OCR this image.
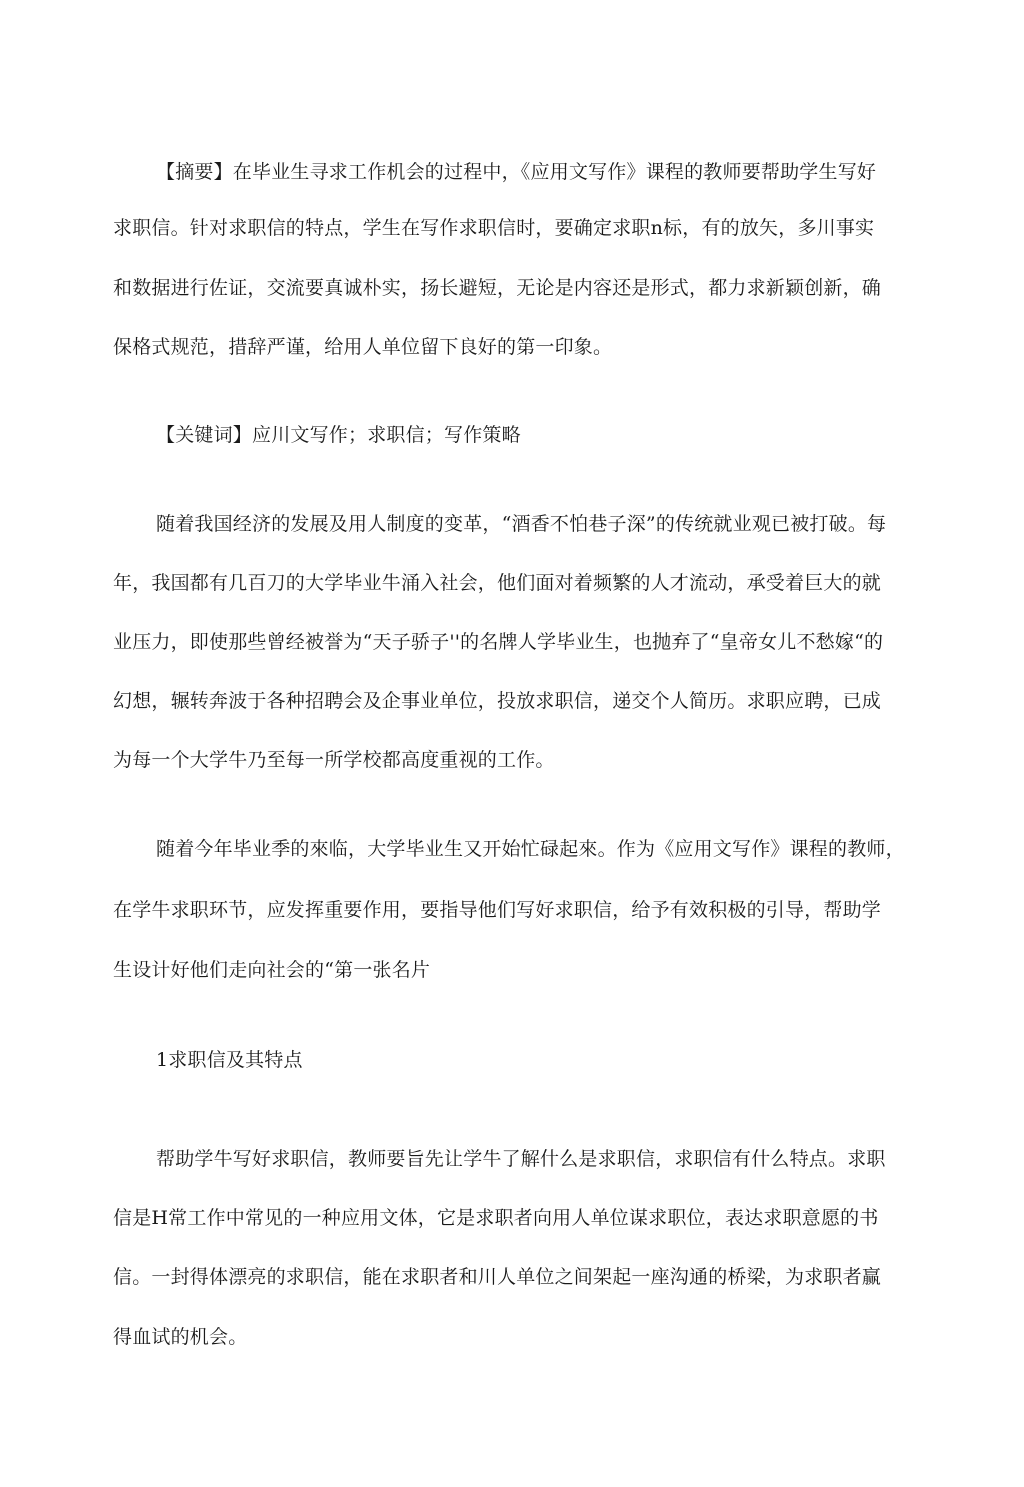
【摘要】在毕业生寻求工作机会的过程中，《应用文写作》课程的教师要帮助学生写好
求职信。针对求职信的特点，学生在写作求职信时，要确定求职n标，有的放矢，多川事实
和数据进行佐证，交流要真诚朴实，扬长避短，无论是内容还是形式，都力求新颖创新，确
保格式规范，措辞严谨，给用人单位留下良好的第一印象。
【关键词】应川文写作；求职信；写作策略
随着我国经济的发展及用人制度的变革，“酒香不怕巷子深”的传统就业观已被打破。每
年，我国都有几百刀的大学毕业牛涌入社会，他们面对着频繁的人才流动，承受着巨大的就
业压力，即使那些曾经被誉为“天子骄子''的名牌人学毕业生，也抛弃了“皇帝女儿不愁嫁“的
幻想，辗转奔波于各种招聘会及企事业单位，投放求职信，递交个人简历。求职应聘，已成
为每一个大学牛乃至每一所学校都高度重视的工作。
随着今年毕业季的來临，大学毕业生又开始忙碌起來。作为《应用文写作》课程的教师，
在学牛求职环节，应发挥重要作用，要指导他们写好求职信，给予有效积极的引导，帮助学
生设计好他们走向社会的“第一张名片
1求职信及其特点
帮助学牛写好求职信，教师要旨先让学牛了解什么是求职信，求职信有什么特点。求职
信是H常工作中常见的一种应用文体，它是求职者向用人单位谋求职位，表达求职意愿的书
信。一封得体漂亮的求职信，能在求职者和川人单位之间架起一座沟通的桥梁，为求职者赢
得血试的机会。
